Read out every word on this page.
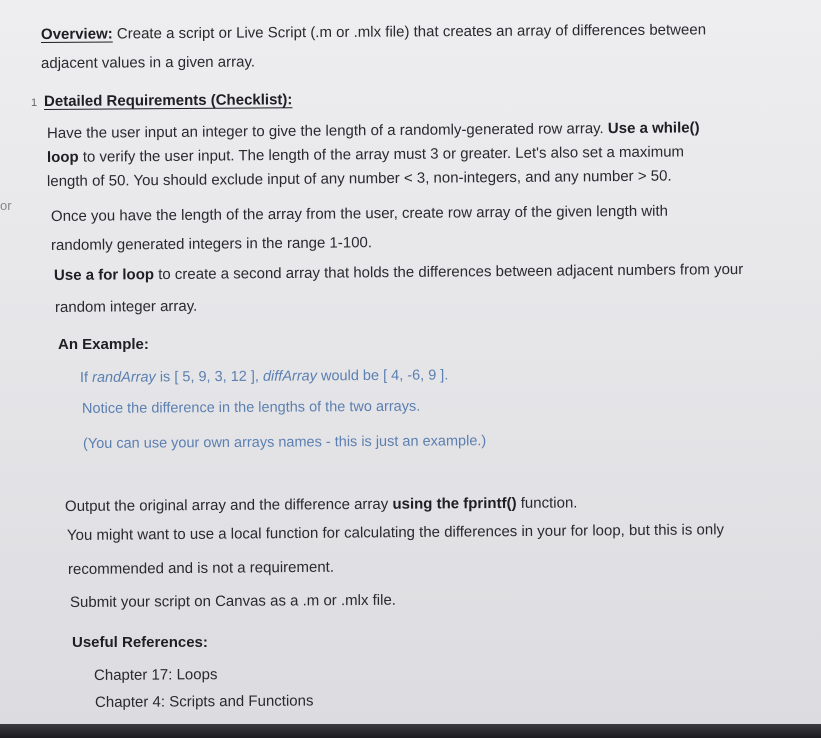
or
Overview: Create a script or Live Script (.m or .mlx file) that creates an array of differences between
adjacent values in a given array.
1 Detailed Requirements (Checklist):
Have the user input an integer to give the length of a randomly-generated row array. Use a while()
loop to verify the user input. The length of the array must 3 or greater. Let's also set a maximum
length of 50. You should exclude input of any number < 3, non-integers, and any number > 50.
Once you have the length of the array from the user, create row array of the given length with
randomly generated integers in the range 1-100.
Use a for loop to create a second array that holds the differences between adjacent numbers from your
random integer array.
An Example:
If randArray is [ 5, 9, 3, 12 ], diffArray would be [ 4, -6, 9 ].
Notice the difference in the lengths of the two arrays.
(You can use your own arrays names - this is just an example.)
Output the original array and the difference array using the fprintf() function.
You might want to use a local function for calculating the differences in your for loop, but this is only
recommended and is not a requirement.
Submit your script on Canvas as a .m or .mlx file.
Useful References:
Chapter 17: Loops
Chapter 4: Scripts and Functions
